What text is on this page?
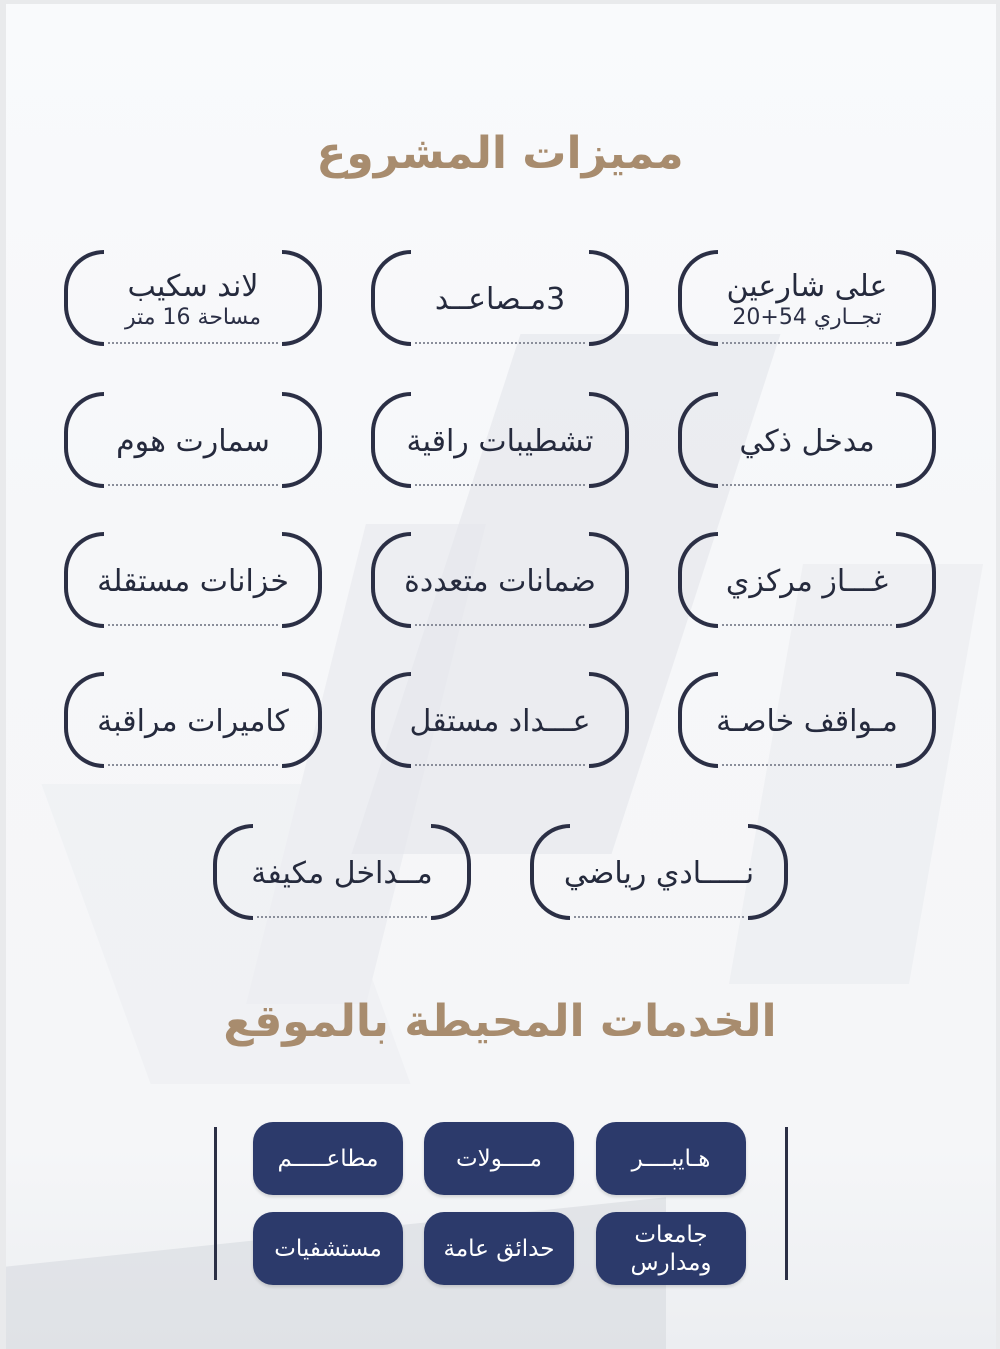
مميزات المشروع
على شارعين
تجــاري 54+20
3مـصاعــد
لاند سكيب
مساحة 16 متر
مدخل ذكي
تشطيبات راقية
سمارت هوم
غـــاز مركزي
ضمانات متعددة
خزانات مستقلة
مـواقف خاصـة
عـــداد مستقل
كاميرات مراقبة
نـــــادي رياضي
مــداخل مكيفة
الخدمات المحيطة بالموقع
هـايبــــر
مــــولات
مطاعـــــم
جامعات ومدارس
حدائق عامة
مستشفيات
